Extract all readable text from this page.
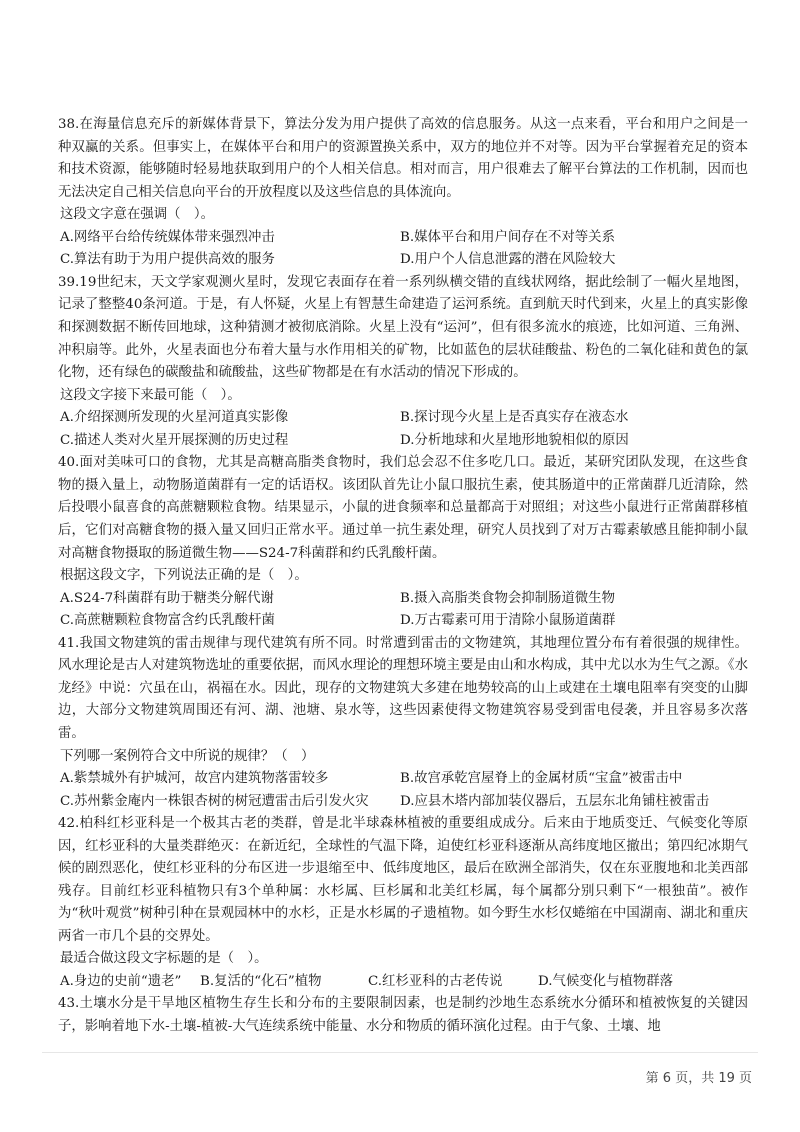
38.在海量信息充斥的新媒体背景下，算法分发为用户提供了高效的信息服务。从这一点来看，平台和用户之间是一种双赢的关系。但事实上，在媒体平台和用户的资源置换关系中，双方的地位并不对等。因为平台掌握着充足的资本和技术资源，能够随时轻易地获取到用户的个人相关信息。相对而言，用户很难去了解平台算法的工作机制，因而也无法决定自己相关信息向平台的开放程度以及这些信息的具体流向。

这段文字意在强调（　）。

A.网络平台给传统媒体带来强烈冲击	B.媒体平台和用户间存在不对等关系
C.算法有助于为用户提供高效的服务	D.用户个人信息泄露的潜在风险较大

39.19世纪末，天文学家观测火星时，发现它表面存在着一系列纵横交错的直线状网络，据此绘制了一幅火星地图，记录了整整40条河道。于是，有人怀疑，火星上有智慧生命建造了运河系统。直到航天时代到来，火星上的真实影像和探测数据不断传回地球，这种猜测才被彻底消除。火星上没有“运河”，但有很多流水的痕迹，比如河道、三角洲、冲积扇等。此外，火星表面也分布着大量与水作用相关的矿物，比如蓝色的层状硅酸盐、粉色的二氧化硅和黄色的氯化物，还有绿色的碳酸盐和硫酸盐，这些矿物都是在有水活动的情况下形成的。

这段文字接下来最可能（　）。

A.介绍探测所发现的火星河道真实影像	B.探讨现今火星上是否真实存在液态水
C.描述人类对火星开展探测的历史过程	D.分析地球和火星地形地貌相似的原因

40.面对美味可口的食物，尤其是高糖高脂类食物时，我们总会忍不住多吃几口。最近，某研究团队发现，在这些食物的摄入量上，动物肠道菌群有一定的话语权。该团队首先让小鼠口服抗生素，使其肠道中的正常菌群几近清除，然后投喂小鼠喜食的高蔗糖颗粒食物。结果显示，小鼠的进食频率和总量都高于对照组；对这些小鼠进行正常菌群移植后，它们对高糖食物的摄入量又回归正常水平。通过单一抗生素处理，研究人员找到了对万古霉素敏感且能抑制小鼠对高糖食物摄取的肠道微生物——S24-7科菌群和约氏乳酸杆菌。

根据这段文字，下列说法正确的是（　）。

A.S24-7科菌群有助于糖类分解代谢	B.摄入高脂类食物会抑制肠道微生物
C.高蔗糖颗粒食物富含约氏乳酸杆菌	D.万古霉素可用于清除小鼠肠道菌群

41.我国文物建筑的雷击规律与现代建筑有所不同。时常遭到雷击的文物建筑，其地理位置分布有着很强的规律性。风水理论是古人对建筑物选址的重要依据，而风水理论的理想环境主要是由山和水构成，其中尤以水为生气之源。《水龙经》中说：穴虽在山，祸福在水。因此，现存的文物建筑大多建在地势较高的山上或建在土壤电阻率有突变的山脚边，大部分文物建筑周围还有河、湖、池塘、泉水等，这些因素使得文物建筑容易受到雷电侵袭，并且容易多次落雷。

下列哪一案例符合文中所说的规律？（　）

A.紫禁城外有护城河，故宫内建筑物落雷较多	B.故宫承乾宫屋脊上的金属材质“宝盒”被雷击中
C.苏州紫金庵内一株银杏树的树冠遭雷击后引发火灾	D.应县木塔内部加装仪器后，五层东北角铺柱被雷击

42.柏科红杉亚科是一个极其古老的类群，曾是北半球森林植被的重要组成成分。后来由于地质变迁、气候变化等原因，红杉亚科的大量类群绝灭：在新近纪，全球性的气温下降，迫使红杉亚科逐渐从高纬度地区撤出；第四纪冰期气候的剧烈恶化，使红杉亚科的分布区进一步退缩至中、低纬度地区，最后在欧洲全部消失，仅在东亚腹地和北美西部残存。目前红杉亚科植物只有3个单种属：水杉属、巨杉属和北美红杉属，每个属都分别只剩下“一根独苗”。被作为“秋叶观赏”树种引种在景观园林中的水杉，正是水杉属的孑遗植物。如今野生水杉仅蜷缩在中国湖南、湖北和重庆两省一市几个县的交界处。

最适合做这段文字标题的是（　）。

A.身边的史前“遗老”	B.复活的“化石”植物	C.红杉亚科的古老传说	D.气候变化与植物群落

43.土壤水分是干旱地区植物生存生长和分布的主要限制因素，也是制约沙地生态系统水分循环和植被恢复的关键因子，影响着地下水-土壤-植被-大气连续系统中能量、水分和物质的循环演化过程。由于气象、土壤、地

第 6 页，共 19 页
